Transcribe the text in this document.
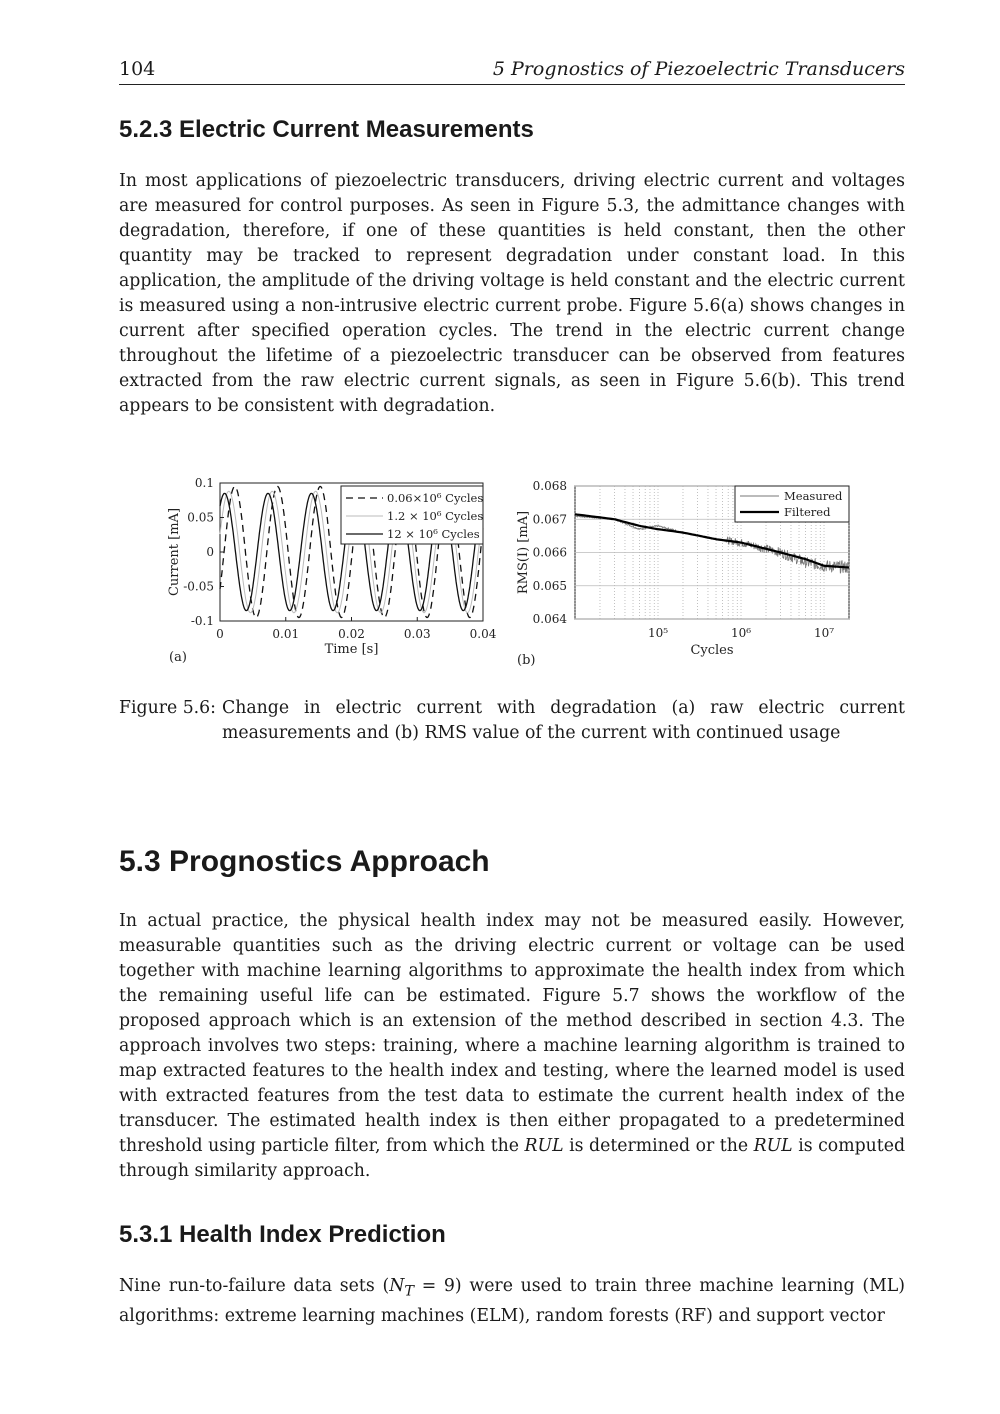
104	5 Prognostics of Piezoelectric Transducers
5.2.3 Electric Current Measurements

In most applications of piezoelectric transducers, driving electric current and voltages are measured for control purposes. As seen in Figure 5.3, the admittance changes with degradation, therefore, if one of these quantities is held constant, then the other quantity may be tracked to represent degradation under constant load. In this application, the amplitude of the driving voltage is held constant and the electric current is measured using a non-intrusive electric current probe. Figure 5.6(a) shows changes in current after specified operation cycles. The trend in the electric current change throughout the lifetime of a piezoelectric transducer can be observed from features extracted from the raw electric current signals, as seen in Figure 5.6(b). This trend appears to be consistent with degradation.

0	0.01	0.02	0.03	0.04
0.1
0.05
0
-0.05
-0.1
Time [s]
Current [mA]
(a)
0.06×10⁶ Cycles
1.2 × 10⁶ Cycles
12 × 10⁶ Cycles
0.068
0.067
0.066
0.065
0.064
10⁵	10⁶	10⁷
Cycles
RMS(I) [mA]
(b)
Measured
Filtered
Figure 5.6: Change in electric current with degradation (a) raw electric current measurements and (b) RMS value of the current with continued usage
5.3 Prognostics Approach

In actual practice, the physical health index may not be measured easily. However, measurable quantities such as the driving electric current or voltage can be used together with machine learning algorithms to approximate the health index from which the remaining useful life can be estimated. Figure 5.7 shows the workflow of the proposed approach which is an extension of the method described in section 4.3. The approach involves two steps: training, where a machine learning algorithm is trained to map extracted features to the health index and testing, where the learned model is used with extracted features from the test data to estimate the current health index of the transducer. The estimated health index is then either propagated to a predetermined threshold using particle filter, from which the RUL is determined or the RUL is computed through similarity approach.

5.3.1 Health Index Prediction

Nine run-to-failure data sets $(N_T = 9)$ were used to train three machine learning (ML) algorithms: extreme learning machines (ELM), random forests (RF) and support vector
